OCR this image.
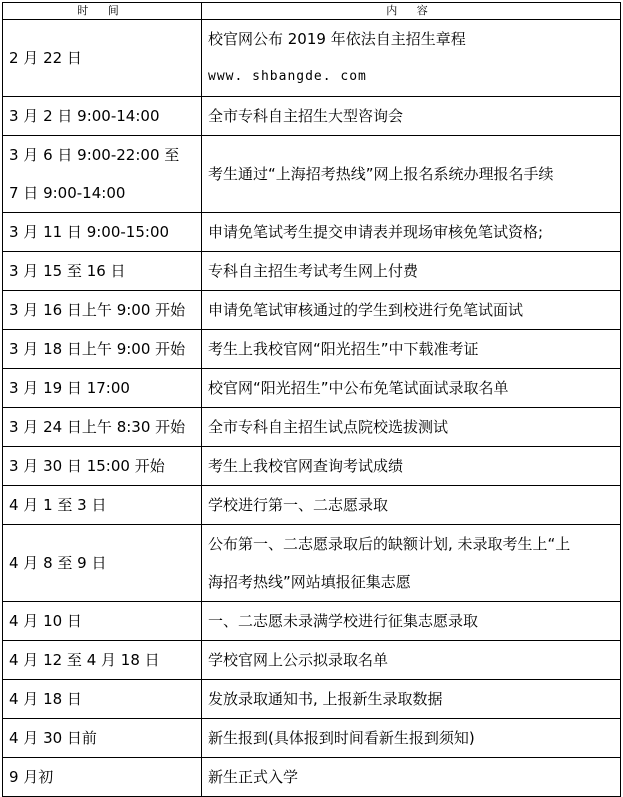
时 间	内 容
2 月 22 日	校官网公布 2019 年依法自主招生章程
www. shbangde. com

3 月 2 日 9:00-14:00	全市专科自主招生大型咨询会

3 月 6 日 9:00-22:00 至
7 日 9:00-14:00	考生通过“上海招考热线”网上报名系统办理报名手续
3 月 11 日 9:00-15:00	申请免笔试考生提交申请表并现场审核免笔试资格;
3 月 15 至 16 日	专科自主招生考试考生网上付费
3 月 16 日上午 9:00 开始	申请免笔试审核通过的学生到校进行免笔试面试
3 月 18 日上午 9:00 开始	考生上我校官网“阳光招生”中下载准考证
3 月 19 日 17:00	校官网“阳光招生”中公布免笔试面试录取名单
3 月 24 日上午 8:30 开始	全市专科自主招生试点院校选拔测试
3 月 30 日 15:00 开始	考生上我校官网查询考试成绩
4 月 1 至 3 日	学校进行第一、二志愿录取
4 月 8 至 9 日	公布第一、二志愿录取后的缺额计划, 未录取考生上“上
海招考热线”网站填报征集志愿

4 月 10 日	一、二志愿未录满学校进行征集志愿录取
4 月 12 至 4 月 18 日	学校官网上公示拟录取名单
4 月 18 日	发放录取通知书, 上报新生录取数据
4 月 30 日前	新生报到(具体报到时间看新生报到须知)
9 月初	新生正式入学
